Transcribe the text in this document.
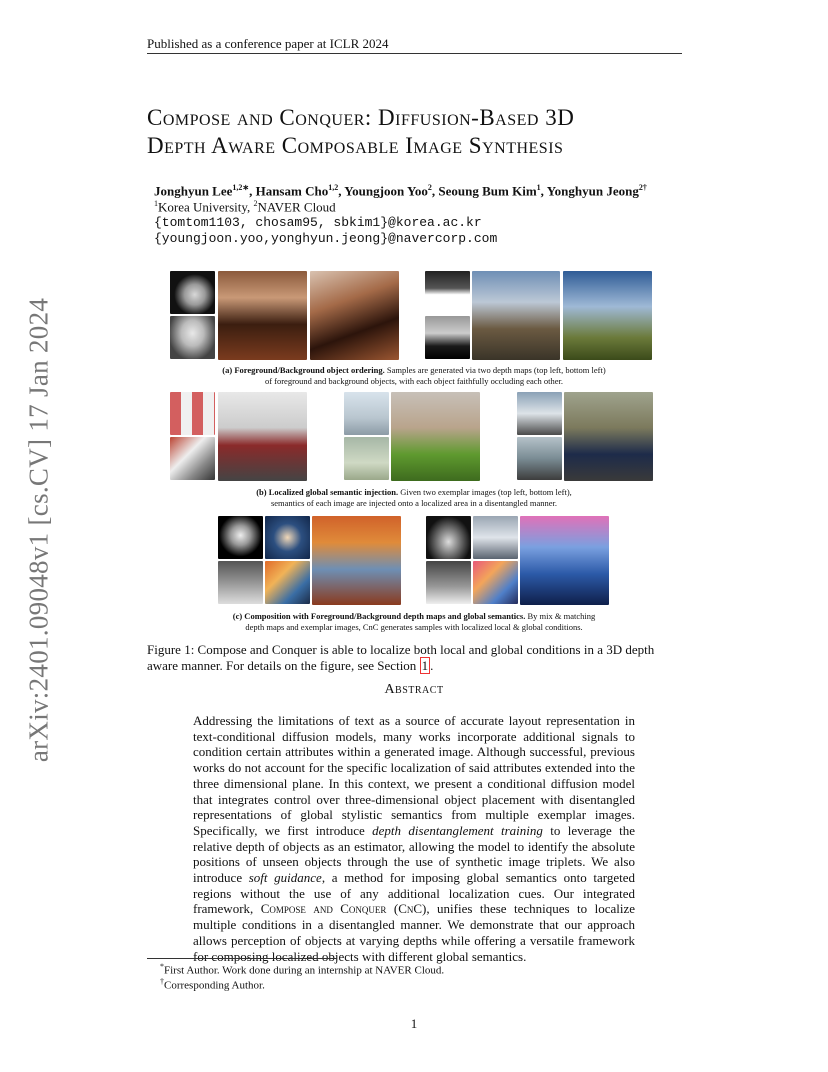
Published as a conference paper at ICLR 2024
arXiv:2401.09048v1 [cs.CV] 17 Jan 2024
Compose and Conquer: Diffusion-Based 3D
Depth Aware Composable Image Synthesis
Jonghyun Lee$^{1,2∗}$, Hansam Cho$^{1,2}$, Youngjoon Yoo$^2$, Seoung Bum Kim$^1$, Yonghyun Jeong$^{2\dagger}$
$^1$Korea University, $^2$NAVER Cloud
{tomtom1103, chosam95, sbkim1}@korea.ac.kr
{youngjoon.yoo,yonghyun.jeong}@navercorp.com
(a) Foreground/Background object ordering. Samples are generated via two depth maps (top left, bottom left)
of foreground and background objects, with each object faithfully occluding each other.
(b) Localized global semantic injection. Given two exemplar images (top left, bottom left),
semantics of each image are injected onto a localized area in a disentangled manner.
(c) Composition with Foreground/Background depth maps and global semantics. By mix & matching
depth maps and exemplar images, CnC generates samples with localized local & global conditions.
Figure 1: Compose and Conquer is able to localize both local and global conditions in a 3D depth aware manner. For details on the figure, see Section 1 .
Abstract
Addressing the limitations of text as a source of accurate layout representation in text-conditional diffusion models, many works incorporate additional signals to condition certain attributes within a generated image. Although successful, previous works do not account for the specific localization of said attributes extended into the three dimensional plane. In this context, we present a conditional diffusion model that integrates control over three-dimensional object placement with disentangled representations of global stylistic semantics from multiple exemplar images. Specifically, we first introduce depth disentanglement training to leverage the relative depth of objects as an estimator, allowing the model to identify the absolute positions of unseen objects through the use of synthetic image triplets. We also introduce soft guidance, a method for imposing global semantics onto targeted regions without the use of any additional localization cues. Our integrated framework, Compose and Conquer (CnC), unifies these techniques to localize multiple conditions in a disentangled manner. We demonstrate that our approach allows perception of objects at varying depths while offering a versatile framework for composing localized objects with different global semantics.
*First Author. Work done during an internship at NAVER Cloud.
†Corresponding Author.
1
